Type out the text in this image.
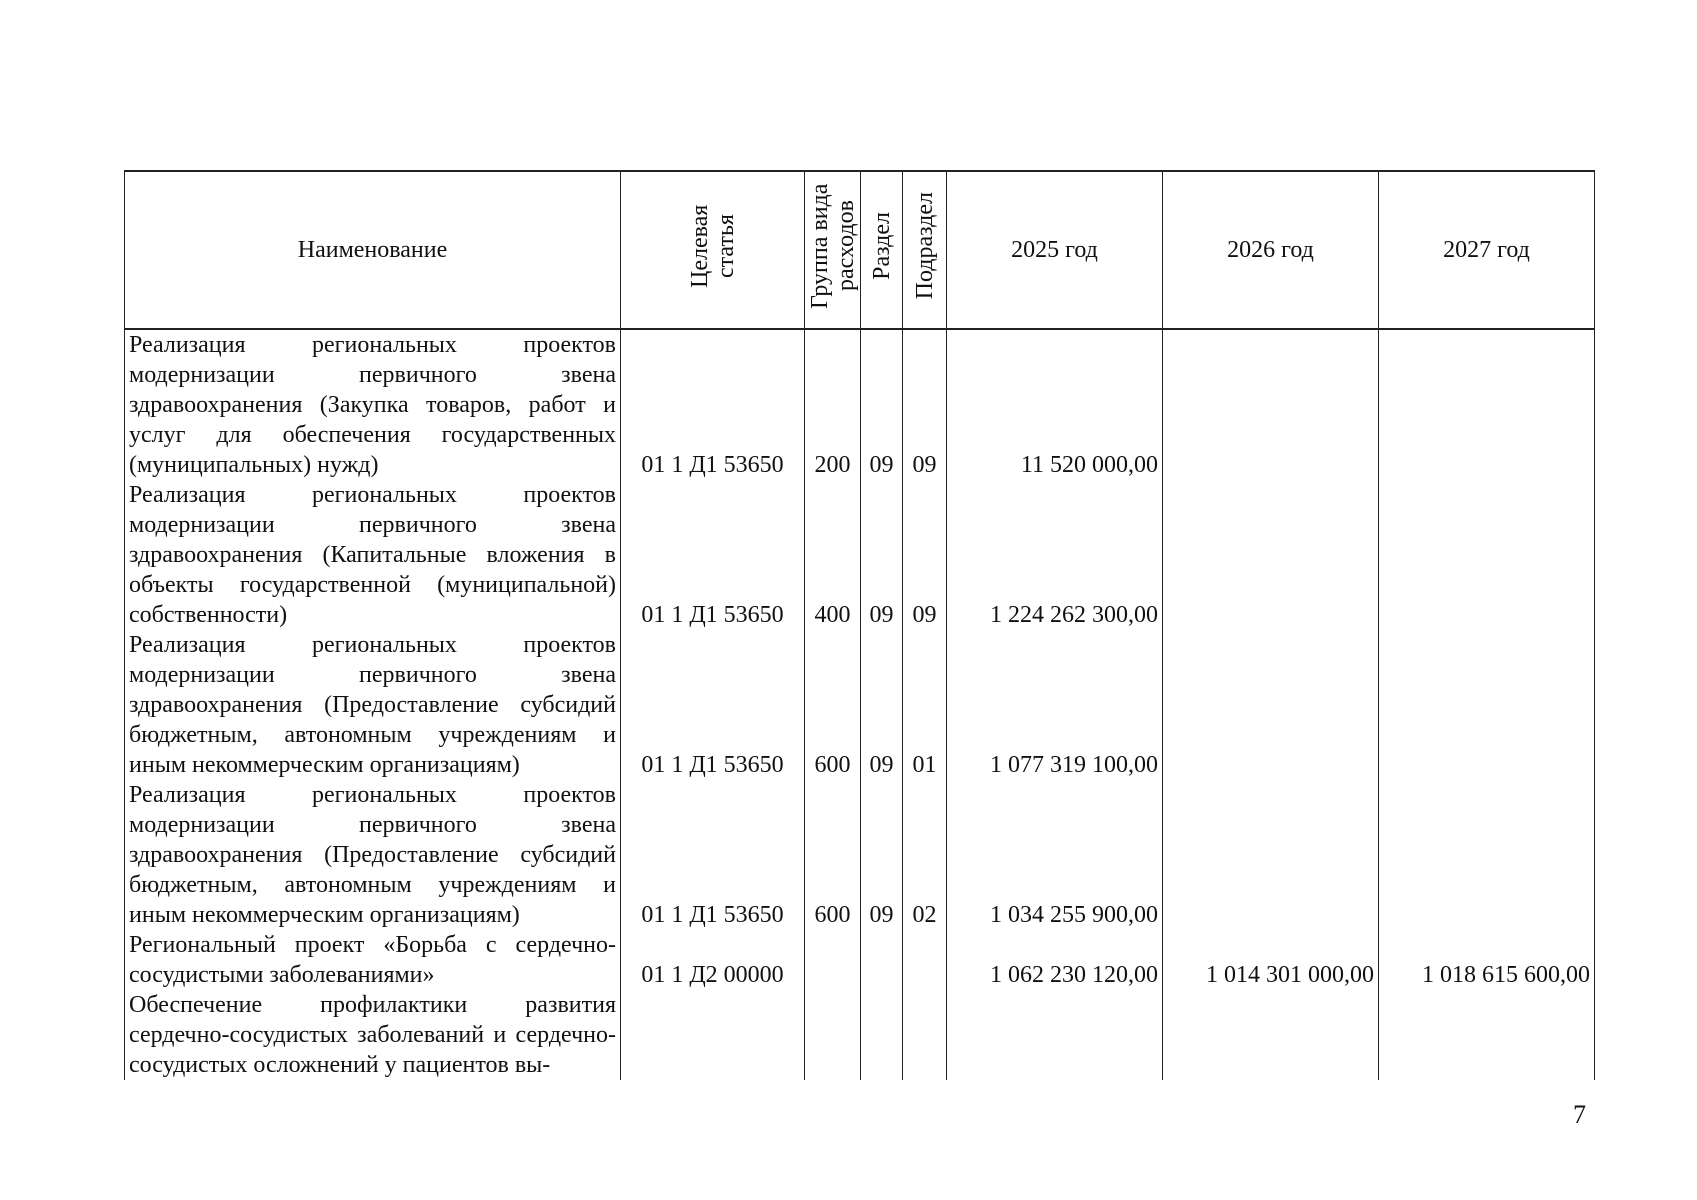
Наименование	Целевая статья	Группа вида расходов	Раздел	Подраздел	2025 год	2026 год	2027 год

Реализация региональных проектов модернизации первичного звена здравоохранения (Закупка товаров, работ и услуг для обеспечения государственных (муниципальных) нужд)	01 1 Д1 53650	200	09	09	11 520 000,00		

Реализация региональных проектов модернизации первичного звена здравоохранения (Капитальные вложения в объекты государственной (муниципальной) собственности)	01 1 Д1 53650	400	09	09	1 224 262 300,00		

Реализация региональных проектов модернизации первичного звена здравоохранения (Предоставление субсидий бюджетным, автономным учреждениям и иным некоммерческим организациям)	01 1 Д1 53650	600	09	01	1 077 319 100,00		

Реализация региональных проектов модернизации первичного звена здравоохранения (Предоставление субсидий бюджетным, автономным учреждениям и иным некоммерческим организациям)	01 1 Д1 53650	600	09	02	1 034 255 900,00		

Региональный проект «Борьба с сердечно-сосудистыми заболеваниями»	01 1 Д2 00000				1 062 230 120,00	1 014 301 000,00	1 018 615 600,00

Обеспечение профилактики развития сердечно-сосудистых заболеваний и сердечно-сосудистых осложнений у пациентов вы-							

7
